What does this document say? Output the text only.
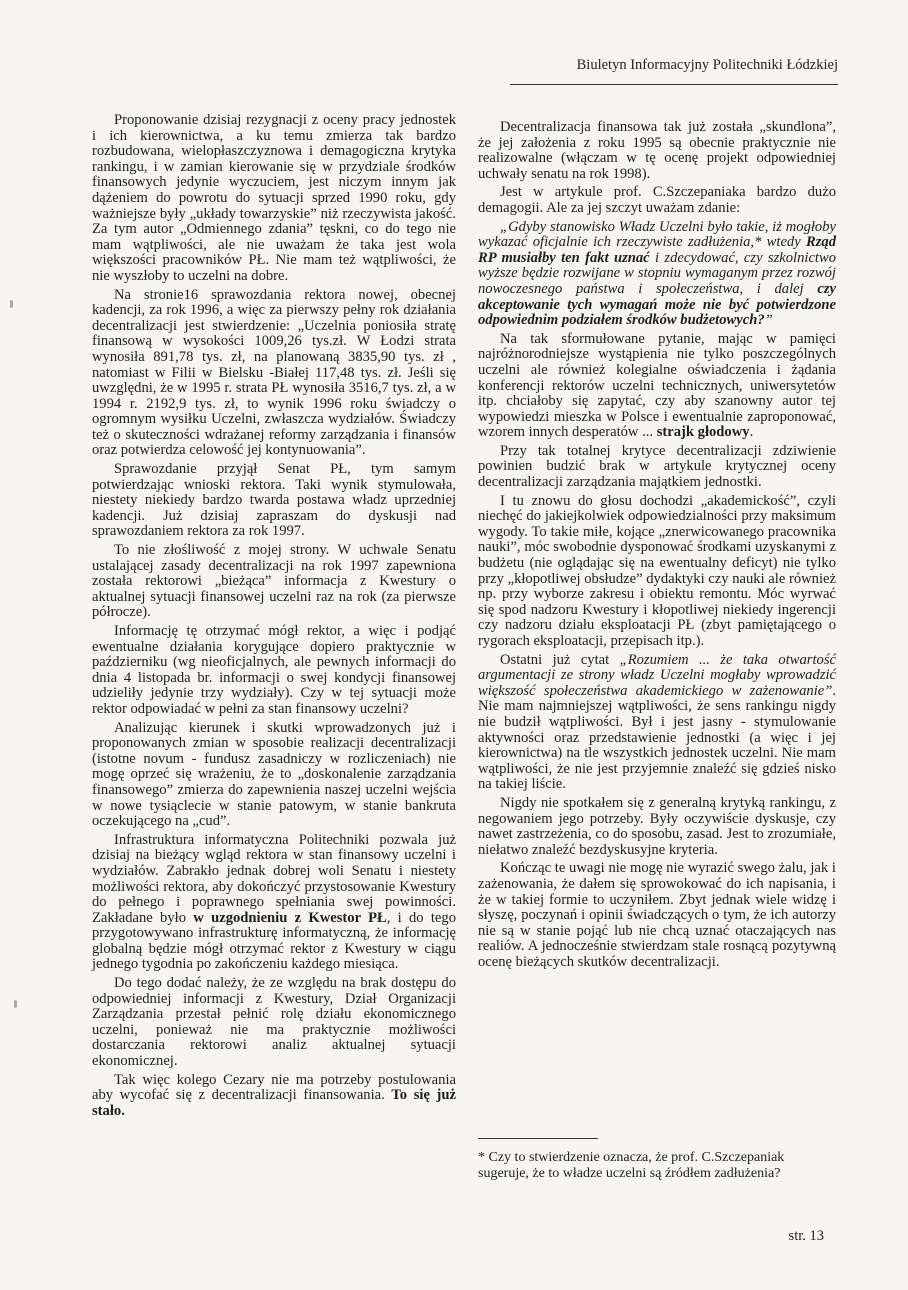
Biuletyn Informacyjny Politechniki Łódzkiej

Proponowanie dzisiaj rezygnacji z oceny pracy jednostek i ich kierownictwa, a ku temu zmierza tak bardzo rozbudowana, wielopłaszczyznowa i demagogiczna krytyka rankingu, i w zamian kierowanie się w przydziale środków finansowych jedynie wyczuciem, jest niczym innym jak dążeniem do powrotu do sytuacji sprzed 1990 roku, gdy ważniejsze były „układy towarzyskie” niż rzeczywista jakość. Za tym autor „Odmiennego zdania” tęskni, co do tego nie mam wątpliwości, ale nie uważam że taka jest wola większości pracowników PŁ. Nie mam też wątpliwości, że nie wyszłoby to uczelni na dobre.

Na stronie16 sprawozdania rektora nowej, obecnej kadencji, za rok 1996, a więc za pierwszy pełny rok działania decentralizacji jest stwierdzenie: „Uczelnia poniosiła stratę finansową w wysokości 1009,26 tys.zł. W Łodzi strata wynosiła 891,78 tys. zł, na planowaną 3835,90 tys. zł , natomiast w Filii w Bielsku -Białej 117,48 tys. zł. Jeśli się uwzględni, że w 1995 r. strata PŁ wynosiła 3516,7 tys. zł, a w 1994 r. 2192,9 tys. zł, to wynik 1996 roku świadczy o ogromnym wysiłku Uczelni, zwłaszcza wydziałów. Świadczy też o skuteczności wdrażanej reformy zarządzania i finansów oraz potwierdza celowość jej kontynuowania”.

Sprawozdanie przyjął Senat PŁ, tym samym potwierdzając wnioski rektora. Taki wynik stymulowała, niestety niekiedy bardzo twarda postawa władz uprzedniej kadencji. Już dzisiaj zapraszam do dyskusji nad sprawozdaniem rektora za rok 1997.

To nie złośliwość z mojej strony. W uchwale Senatu ustalającej zasady decentralizacji na rok 1997 zapewniona została rektorowi „bieżąca” informacja z Kwestury o aktualnej sytuacji finansowej uczelni raz na rok (za pierwsze półrocze).

Informację tę otrzymać mógł rektor, a więc i podjąć ewentualne działania korygujące dopiero praktycznie w październiku (wg nieoficjalnych, ale pewnych informacji do dnia 4 listopada br. informacji o swej kondycji finansowej udzieliły jedynie trzy wydziały). Czy w tej sytuacji może rektor odpowiadać w pełni za stan finansowy uczelni?

Analizując kierunek i skutki wprowadzonych już i proponowanych zmian w sposobie realizacji decentralizacji (istotne novum - fundusz zasadniczy w rozliczeniach) nie mogę oprzeć się wrażeniu, że to „doskonalenie zarządzania finansowego” zmierza do zapewnienia naszej uczelni wejścia w nowe tysiąclecie w stanie patowym, w stanie bankruta oczekującego na „cud”.

Infrastruktura informatyczna Politechniki pozwala już dzisiaj na bieżący wgląd rektora w stan finansowy uczelni i wydziałów. Zabrakło jednak dobrej woli Senatu i niestety możliwości rektora, aby dokończyć przystosowanie Kwestury do pełnego i poprawnego spełniania swej powinności. Zakładane było w uzgodnieniu z Kwestor PŁ, i do tego przygotowywano infrastrukturę informatyczną, że informację globalną będzie mógł otrzymać rektor z Kwestury w ciągu jednego tygodnia po zakończeniu każdego miesiąca.

Do tego dodać należy, że ze względu na brak dostępu do odpowiedniej informacji z Kwestury, Dział Organizacji Zarządzania przestał pełnić rolę działu ekonomicznego uczelni, ponieważ nie ma praktycznie możliwości dostarczania rektorowi analiz aktualnej sytuacji ekonomicznej.

Tak więc kolego Cezary nie ma potrzeby postulowania aby wycofać się z decentralizacji finansowania. To się już stało.

Decentralizacja finansowa tak już została „skundlona”, że jej założenia z roku 1995 są obecnie praktycznie nie realizowalne (włączam w tę ocenę projekt odpowiedniej uchwały senatu na rok 1998).

Jest w artykule prof. C.Szczepaniaka bardzo dużo demagogii. Ale za jej szczyt uważam zdanie:

„Gdyby stanowisko Władz Uczelni było takie, iż mogłoby wykazać oficjalnie ich rzeczywiste zadłużenia,* wtedy Rząd RP musiałby ten fakt uznać i zdecydować, czy szkolnictwo wyższe będzie rozwijane w stopniu wymaganym przez rozwój nowoczesnego państwa i społeczeństwa, i dalej czy akceptowanie tych wymagań może nie być potwierdzone odpowiednim podziałem środków budżetowych?”

Na tak sformułowane pytanie, mając w pamięci najróżnorodniejsze wystąpienia nie tylko poszczególnych uczelni ale również kolegialne oświadczenia i żądania konferencji rektorów uczelni technicznych, uniwersytetów itp. chciałoby się zapytać, czy aby szanowny autor tej wypowiedzi mieszka w Polsce i ewentualnie zaproponować, wzorem innych desperatów ... strajk głodowy.

Przy tak totalnej krytyce decentralizacji zdziwienie powinien budzić brak w artykule krytycznej oceny decentralizacji zarządzania majątkiem jednostki.

I tu znowu do głosu dochodzi „akademickość”, czyli niechęć do jakiejkolwiek odpowiedzialności przy maksimum wygody. To takie miłe, kojące „znerwicowanego pracownika nauki”, móc swobodnie dysponować środkami uzyskanymi z budżetu (nie oglądając się na ewentualny deficyt) nie tylko przy „kłopotliwej obsłudze” dydaktyki czy nauki ale również np. przy wyborze zakresu i obiektu remontu. Móc wyrwać się spod nadzoru Kwestury i kłopotliwej niekiedy ingerencji czy nadzoru działu eksploatacji PŁ (zbyt pamiętającego o rygorach eksploatacji, przepisach itp.).

Ostatni już cytat „Rozumiem ... że taka otwartość argumentacji ze strony władz Uczelni mogłaby wprowadzić większość społeczeństwa akademickiego w zażenowanie”. Nie mam najmniejszej wątpliwości, że sens rankingu nigdy nie budził wątpliwości. Był i jest jasny - stymulowanie aktywności oraz przedstawienie jednostki (a więc i jej kierownictwa) na tle wszystkich jednostek uczelni. Nie mam wątpliwości, że nie jest przyjemnie znaleźć się gdzieś nisko na takiej liście.

Nigdy nie spotkałem się z generalną krytyką rankingu, z negowaniem jego potrzeby. Były oczywiście dyskusje, czy nawet zastrzeżenia, co do sposobu, zasad. Jest to zrozumiałe, niełatwo znaleźć bezdyskusyjne kryteria.

Kończąc te uwagi nie mogę nie wyrazić swego żalu, jak i zażenowania, że dałem się sprowokować do ich napisania, i że w takiej formie to uczyniłem. Zbyt jednak wiele widzę i słyszę, poczynań i opinii świadczących o tym, że ich autorzy nie są w stanie pojąć lub nie chcą uznać otaczających nas realiów. A jednocześnie stwierdzam stale rosnącą pozytywną ocenę bieżących skutków decentralizacji.

* Czy to stwierdzenie oznacza, że prof. C.Szczepaniak sugeruje, że to władze uczelni są źródłem zadłużenia?
str. 13
